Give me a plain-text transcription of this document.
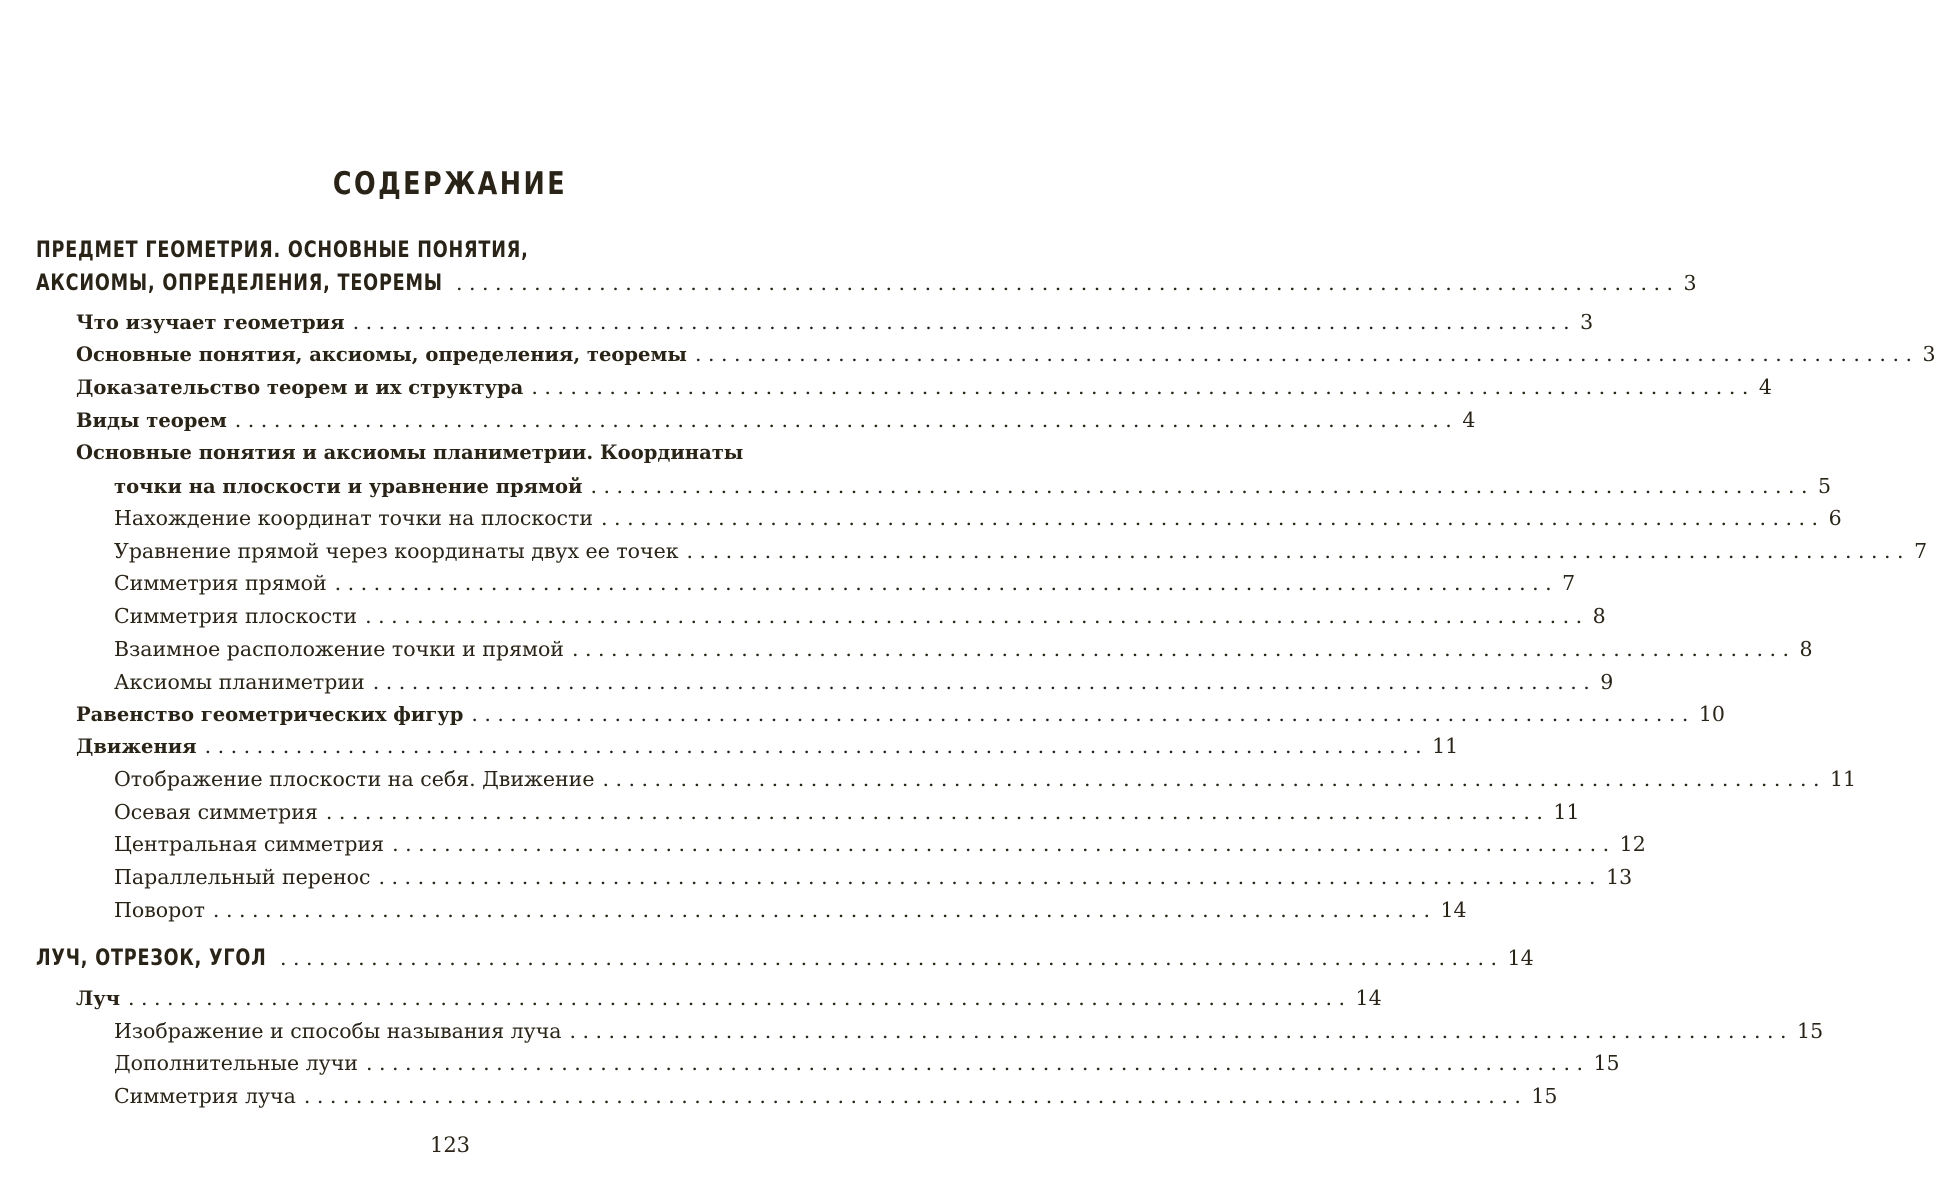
СОДЕРЖАНИЕ
ПРЕДМЕТ ГЕОМЕТРИЯ. ОСНОВНЫЕ ПОНЯТИЯ,
АКСИОМЫ, ОПРЕДЕЛЕНИЯ, ТЕОРЕМЫ .............................................................................................. 3
Что изучает геометрия .............................................................................................. 3
Основные понятия, аксиомы, определения, теоремы .............................................................................................. 3
Доказательство теорем и их структура .............................................................................................. 4
Виды теорем .............................................................................................. 4
Основные понятия и аксиомы планиметрии. Координаты
точки на плоскости и уравнение прямой .............................................................................................. 5
Нахождение координат точки на плоскости .............................................................................................. 6
Уравнение прямой через координаты двух ее точек .............................................................................................. 7
Симметрия прямой .............................................................................................. 7
Симметрия плоскости .............................................................................................. 8
Взаимное расположение точки и прямой .............................................................................................. 8
Аксиомы планиметрии .............................................................................................. 9
Равенство геометрических фигур .............................................................................................. 10
Движения .............................................................................................. 11
Отображение плоскости на себя. Движение .............................................................................................. 11
Осевая симметрия .............................................................................................. 11
Центральная симметрия .............................................................................................. 12
Параллельный перенос .............................................................................................. 13
Поворот .............................................................................................. 14
ЛУЧ, ОТРЕЗОК, УГОЛ .............................................................................................. 14
Луч .............................................................................................. 14
Изображение и способы называния луча .............................................................................................. 15
Дополнительные лучи .............................................................................................. 15
Симметрия луча .............................................................................................. 15
123
